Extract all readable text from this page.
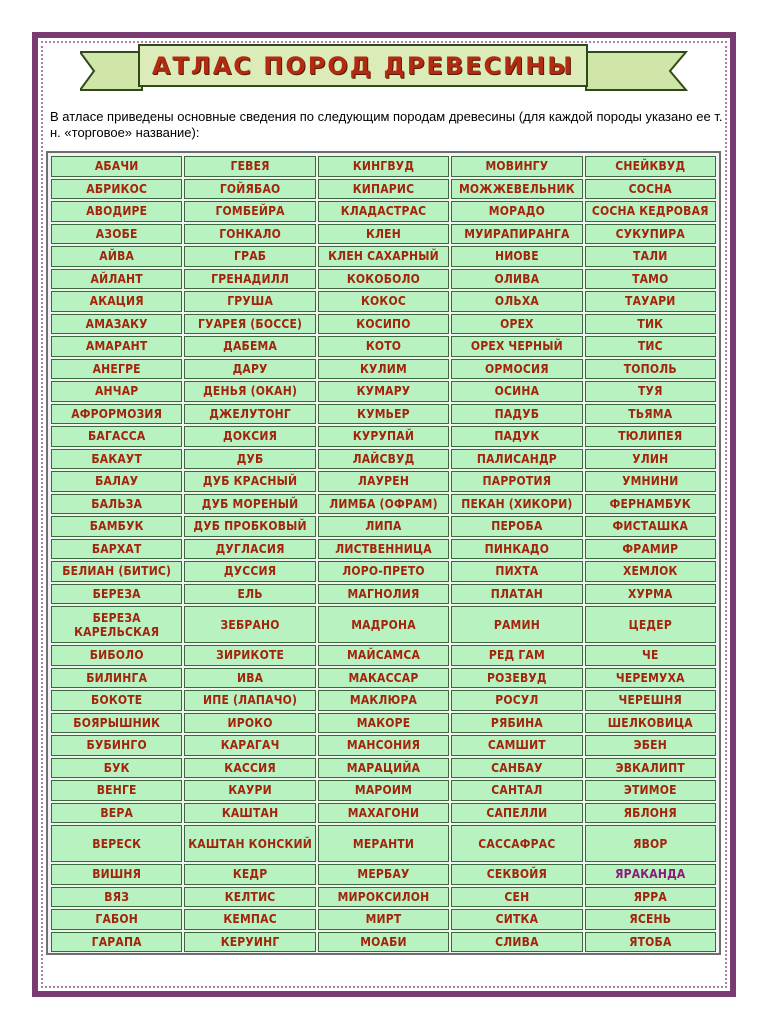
АТЛАС ПОРОД ДРЕВЕСИНЫ
В атласе приведены основные сведения по следующим породам древесины (для каждой породы указано ее т. н. «торговое» название):
АБАЧИ
АБРИКОС
АВОДИРЕ
АЗОБЕ
АЙВА
АЙЛАНТ
АКАЦИЯ
АМАЗАКУ
АМАРАНТ
АНЕГРЕ
АНЧАР
АФРОРМОЗИЯ
БАГАССА
БАКАУТ
БАЛАУ
БАЛЬЗА
БАМБУК
БАРХАТ
БЕЛИАН (БИТИС)
БЕРЕЗА
БЕРЕЗА КАРЕЛЬСКАЯ
БИБОЛО
БИЛИНГА
БОКОТЕ
БОЯРЫШНИК
БУБИНГО
БУК
ВЕНГЕ
ВЕРА
ВЕРЕСК
ВИШНЯ
ВЯЗ
ГАБОН
ГАРАПА
ГЕВЕЯ
ГОЙЯБАО
ГОМБЕЙРА
ГОНКАЛО
ГРАБ
ГРЕНАДИЛЛ
ГРУША
ГУАРЕЯ (БОССЕ)
ДАБЕМА
ДАРУ
ДЕНЬЯ (ОКАН)
ДЖЕЛУТОНГ
ДОКСИЯ
ДУБ
ДУБ КРАСНЫЙ
ДУБ МОРЕНЫЙ
ДУБ ПРОБКОВЫЙ
ДУГЛАСИЯ
ДУССИЯ
ЕЛЬ
ЗЕБРАНО
ЗИРИКОТЕ
ИВА
ИПЕ (ЛАПАЧО)
ИРОКО
КАРАГАЧ
КАССИЯ
КАУРИ
КАШТАН
КАШТАН КОНСКИЙ
КЕДР
КЕЛТИС
КЕМПАС
КЕРУИНГ
КИНГВУД
КИПАРИС
КЛАДАСТРАС
КЛЕН
КЛЕН САХАРНЫЙ
КОКОБОЛО
КОКОС
КОСИПО
КОТО
КУЛИМ
КУМАРУ
КУМЬЕР
КУРУПАЙ
ЛАЙСВУД
ЛАУРЕН
ЛИМБА (ОФРАМ)
ЛИПА
ЛИСТВЕННИЦА
ЛОРО-ПРЕТО
МАГНОЛИЯ
МАДРОНА
МАЙСАМСА
МАКАССАР
МАКЛЮРА
МАКОРЕ
МАНСОНИЯ
МАРАЦИЙА
МАРОИМ
МАХАГОНИ
МЕРАНТИ
МЕРБАУ
МИРОКСИЛОН
МИРТ
МОАБИ
МОВИНГУ
МОЖЖЕВЕЛЬНИК
МОРАДО
МУИРАПИРАНГА
НИОВЕ
ОЛИВА
ОЛЬХА
ОРЕХ
ОРЕХ ЧЕРНЫЙ
ОРМОСИЯ
ОСИНА
ПАДУБ
ПАДУК
ПАЛИСАНДР
ПАРРОТИЯ
ПЕКАН (ХИКОРИ)
ПЕРОБА
ПИНКАДО
ПИХТА
ПЛАТАН
РАМИН
РЕД ГАМ
РОЗЕВУД
РОСУЛ
РЯБИНА
САМШИТ
САНБАУ
САНТАЛ
САПЕЛЛИ
САССАФРАС
СЕКВОЙЯ
СЕН
СИТКА
СЛИВА
СНЕЙКВУД
СОСНА
СОСНА КЕДРОВАЯ
СУКУПИРА
ТАЛИ
ТАМО
ТАУАРИ
ТИК
ТИС
ТОПОЛЬ
ТУЯ
ТЬЯМА
ТЮЛИПЕЯ
УЛИН
УМНИНИ
ФЕРНАМБУК
ФИСТАШКА
ФРАМИР
ХЕМЛОК
ХУРМА
ЦЕДЕР
ЧЕ
ЧЕРЕМУХА
ЧЕРЕШНЯ
ШЕЛКОВИЦА
ЭБЕН
ЭВКАЛИПТ
ЭТИМОЕ
ЯБЛОНЯ
ЯВОР
ЯРАКАНДА
ЯРРА
ЯСЕНЬ
ЯТОБА
